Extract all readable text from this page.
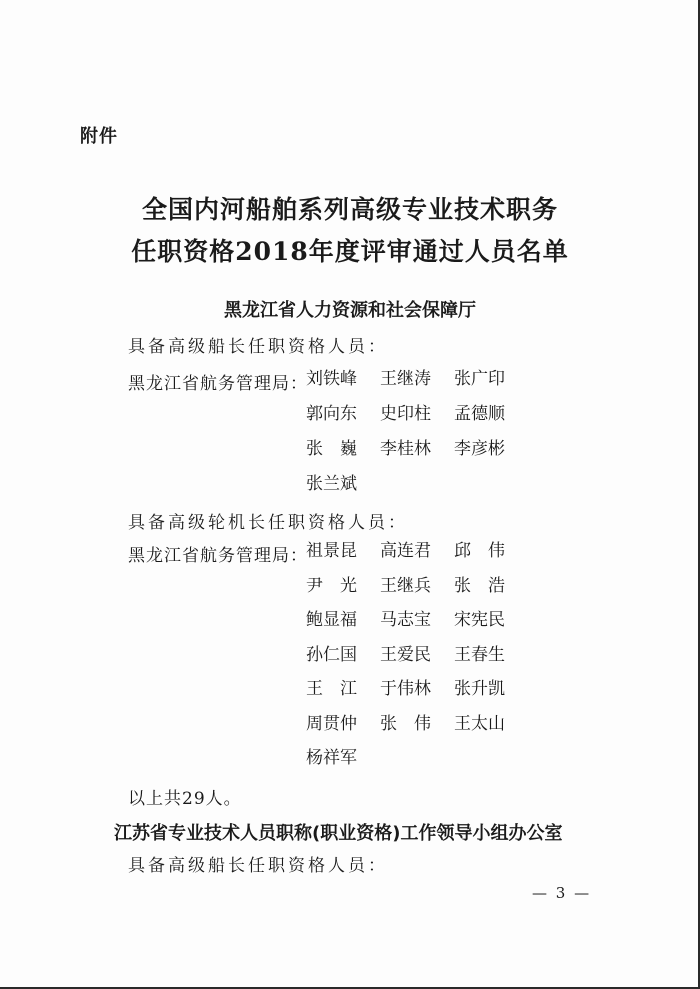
附件
全国内河船舶系列高级专业技术职务
任职资格2018年度评审通过人员名单
黑龙江省人力资源和社会保障厅
具备高级船长任职资格人员：
黑龙江省航务管理局：
刘铁峰	王继涛	张广印
郭向东	史印柱	孟德顺
张　巍	李桂林	李彦彬
张兰斌
具备高级轮机长任职资格人员：
黑龙江省航务管理局：
祖景昆	高连君	邱　伟
尹　光	王继兵	张　浩
鲍显福	马志宝	宋宪民
孙仁国	王爱民	王春生
王　江	于伟林	张升凯
周贯仲	张　伟	王太山
杨祥军
以上共29人。
江苏省专业技术人员职称(职业资格)工作领导小组办公室
具备高级船长任职资格人员：
— 3 —
